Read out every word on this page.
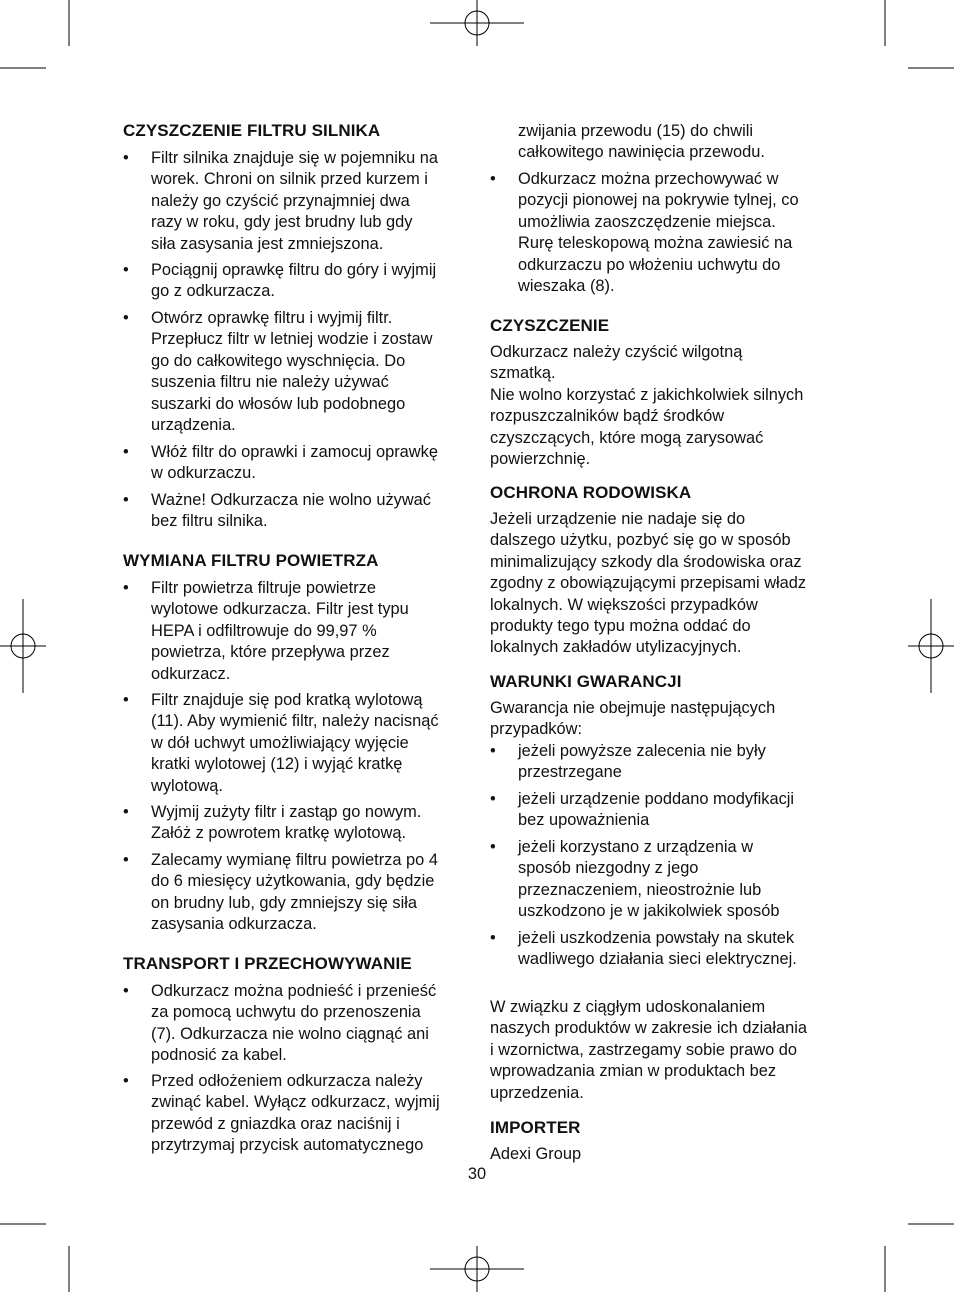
CZYSZCZENIE FILTRU SILNIKA
• Filtr silnika znajduje się w pojemniku na
worek. Chroni on silnik przed kurzem i
należy go czyścić przynajmniej dwa
razy w roku, gdy jest brudny lub gdy
siła zasysania jest zmniejszona.
• Pociągnij oprawkę filtru do góry i wyjmij
go z odkurzacza.
• Otwórz oprawkę filtru i wyjmij filtr.
Przepłucz filtr w letniej wodzie i zostaw
go do całkowitego wyschnięcia. Do
suszenia filtru nie należy używać
suszarki do włosów lub podobnego
urządzenia.
• Włóż filtr do oprawki i zamocuj oprawkę
w odkurzaczu.
• Ważne! Odkurzacza nie wolno używać
bez filtru silnika.
WYMIANA FILTRU POWIETRZA
• Filtr powietrza filtruje powietrze
wylotowe odkurzacza. Filtr jest typu
HEPA i odfiltrowuje do 99,97 %
powietrza, które przepływa przez
odkurzacz.
• Filtr znajduje się pod kratką wylotową
(11). Aby wymienić filtr, należy nacisnąć
w dół uchwyt umożliwiający wyjęcie
kratki wylotowej (12) i wyjąć kratkę
wylotową.
• Wyjmij zużyty filtr i zastąp go nowym.
Załóż z powrotem kratkę wylotową.
• Zalecamy wymianę filtru powietrza po 4
do 6 miesięcy użytkowania, gdy będzie
on brudny lub, gdy zmniejszy się siła
zasysania odkurzacza.
TRANSPORT I PRZECHOWYWANIE
• Odkurzacz można podnieść i przenieść
za pomocą uchwytu do przenoszenia
(7). Odkurzacza nie wolno ciągnąć ani
podnosić za kabel.
• Przed odłożeniem odkurzacza należy
zwinąć kabel. Wyłącz odkurzacz, wyjmij
przewód z gniazdka oraz naciśnij i
przytrzymaj przycisk automatycznego
zwijania przewodu (15) do chwili
całkowitego nawinięcia przewodu.
• Odkurzacz można przechowywać w
pozycji pionowej na pokrywie tylnej, co
umożliwia zaoszczędzenie miejsca.
Rurę teleskopową można zawiesić na
odkurzaczu po włożeniu uchwytu do
wieszaka (8).
CZYSZCZENIE
Odkurzacz należy czyścić wilgotną
szmatką.
Nie wolno korzystać z jakichkolwiek silnych
rozpuszczalników bądź środków
czyszczących, które mogą zarysować
powierzchnię.
OCHRONA RODOWISKA
Jeżeli urządzenie nie nadaje się do
dalszego użytku, pozbyć się go w sposób
minimalizujący szkody dla środowiska oraz
zgodny z obowiązującymi przepisami władz
lokalnych. W większości przypadków
produkty tego typu można oddać do
lokalnych zakładów utylizacyjnych.
WARUNKI GWARANCJI
Gwarancja nie obejmuje następujących
przypadków:
• jeżeli powyższe zalecenia nie były
przestrzegane
• jeżeli urządzenie poddano modyfikacji
bez upoważnienia
• jeżeli korzystano z urządzenia w
sposób niezgodny z jego
przeznaczeniem, nieostrożnie lub
uszkodzono je w jakikolwiek sposób
• jeżeli uszkodzenia powstały na skutek
wadliwego działania sieci elektrycznej.
W związku z ciągłym udoskonalaniem
naszych produktów w zakresie ich działania
i wzornictwa, zastrzegamy sobie prawo do
wprowadzania zmian w produktach bez
uprzedzenia.
IMPORTER
Adexi Group
30
